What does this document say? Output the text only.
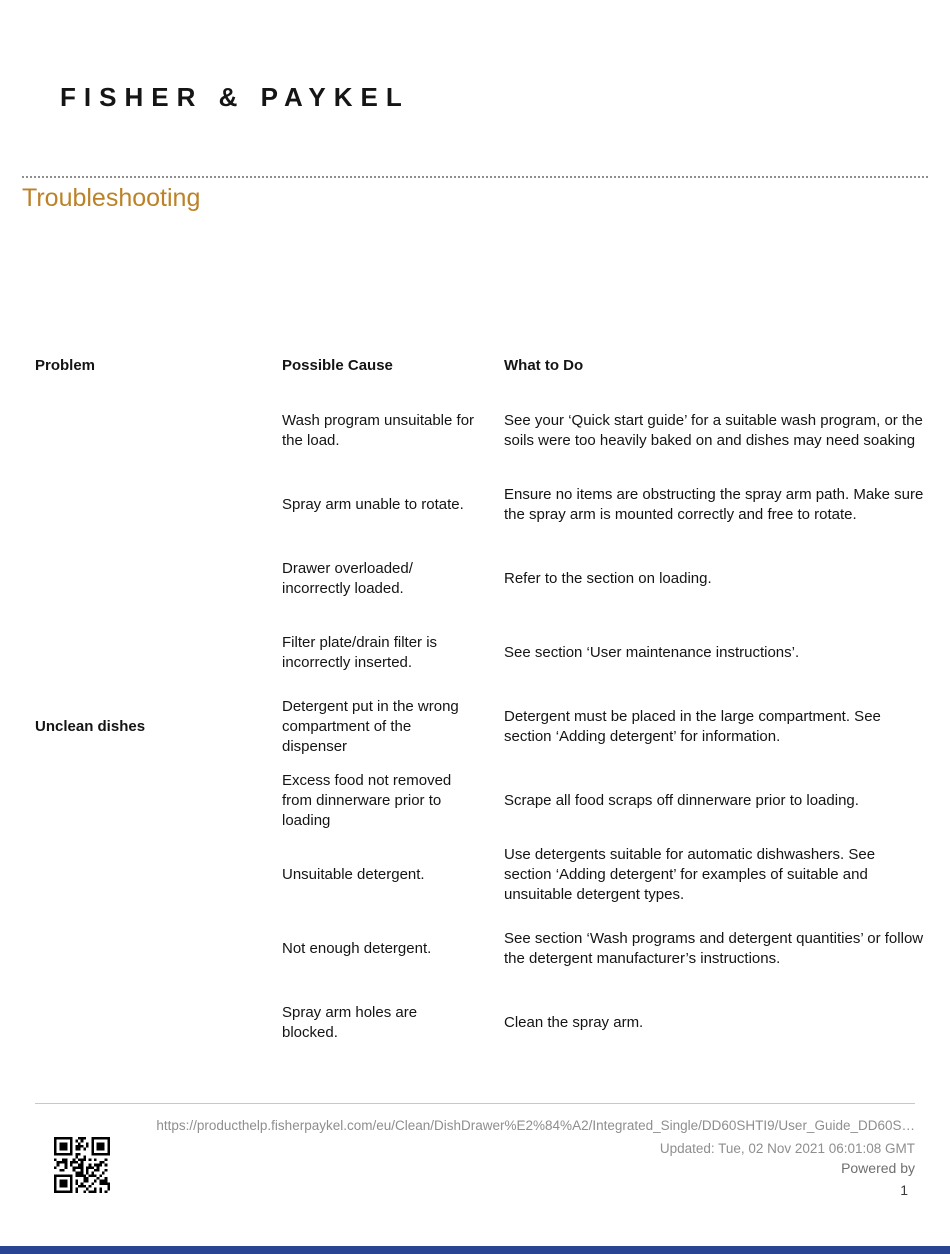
FISHER & PAYKEL
Troubleshooting
Problem	Possible Cause	What to Do
Unclean dishes
Wash program unsuitable for the load.
See your ‘Quick start guide’ for a suitable wash program, or the soils were too heavily baked on and dishes may need soaking
Spray arm unable to rotate.
Ensure no items are obstructing the spray arm path. Make sure the spray arm is mounted correctly and free to rotate.
Drawer overloaded/ incorrectly loaded.
Refer to the section on loading.
Filter plate/drain filter is incorrectly inserted.
See section ‘User maintenance instructions’.
Detergent put in the wrong compartment of the dispenser
Detergent must be placed in the large compartment. See section ‘Adding detergent’ for information.
Excess food not removed from dinnerware prior to loading
Scrape all food scraps off dinnerware prior to loading.
Unsuitable detergent.
Use detergents suitable for automatic dishwashers. See section ‘Adding detergent’ for examples of suitable and unsuitable detergent types.
Not enough detergent.
See section ‘Wash programs and detergent quantities’ or follow the detergent manufacturer’s instructions.
Spray arm holes are blocked.
Clean the spray arm.
https://producthelp.fisherpaykel.com/eu/Clean/DishDrawer%E2%84%A2/Integrated_Single/DD60SHTI9/User_Guide_DD60S…
Updated: Tue, 02 Nov 2021 06:01:08 GMT
Powered by
1
